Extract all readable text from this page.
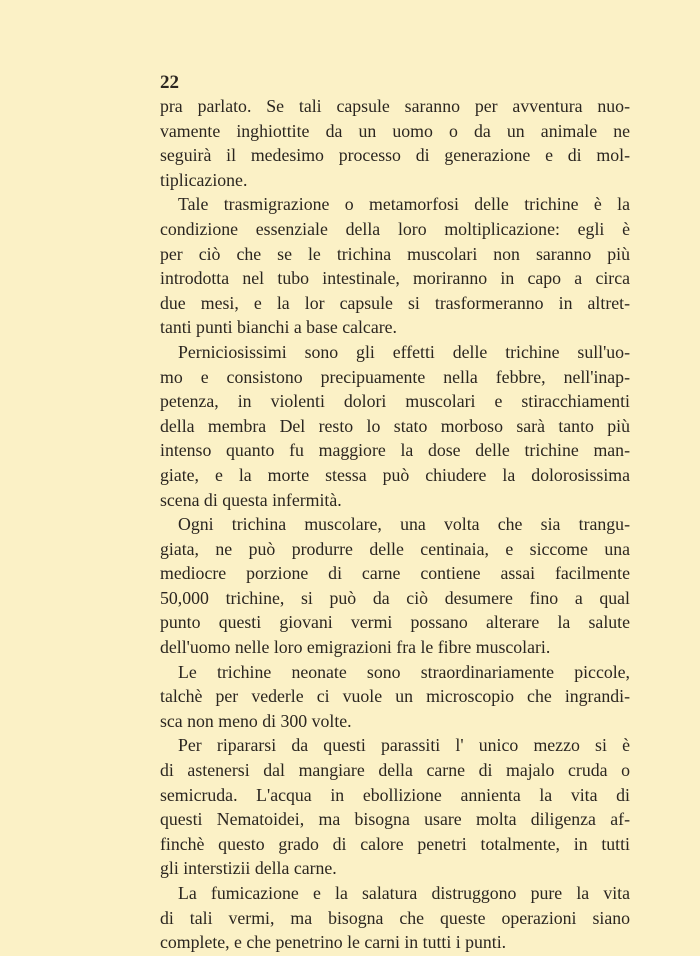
22
pra parlato. Se tali capsule saranno per avventura nuo-
vamente inghiottite da un uomo o da un animale ne
seguirà il medesimo processo di generazione e di mol-
tiplicazione.
Tale trasmigrazione o metamorfosi delle trichine è la
condizione essenziale della loro moltiplicazione: egli è
per ciò che se le trichina muscolari non saranno più
introdotta nel tubo intestinale, moriranno in capo a circa
due mesi, e la lor capsule si trasformeranno in altret-
tanti punti bianchi a base calcare.
Perniciosissimi sono gli effetti delle trichine sull'uo-
mo e consistono precipuamente nella febbre, nell'inap-
petenza, in violenti dolori muscolari e stiracchiamenti
della membra Del resto lo stato morboso sarà tanto più
intenso quanto fu maggiore la dose delle trichine man-
giate, e la morte stessa può chiudere la dolorosissima
scena di questa infermità.
Ogni trichina muscolare, una volta che sia trangu-
giata, ne può produrre delle centinaia, e siccome una
mediocre porzione di carne contiene assai facilmente
50,000 trichine, si può da ciò desumere fino a qual
punto questi giovani vermi possano alterare la salute
dell'uomo nelle loro emigrazioni fra le fibre muscolari.
Le trichine neonate sono straordinariamente piccole,
talchè per vederle ci vuole un microscopio che ingrandi-
sca non meno di 300 volte.
Per ripararsi da questi parassiti l' unico mezzo si è
di astenersi dal mangiare della carne di majalo cruda o
semicruda. L'acqua in ebollizione annienta la vita di
questi Nematoidei, ma bisogna usare molta diligenza af-
finchè questo grado di calore penetri totalmente, in tutti
gli interstizii della carne.
La fumicazione e la salatura distruggono pure la vita
di tali vermi, ma bisogna che queste operazioni siano
complete, e che penetrino le carni in tutti i punti.
